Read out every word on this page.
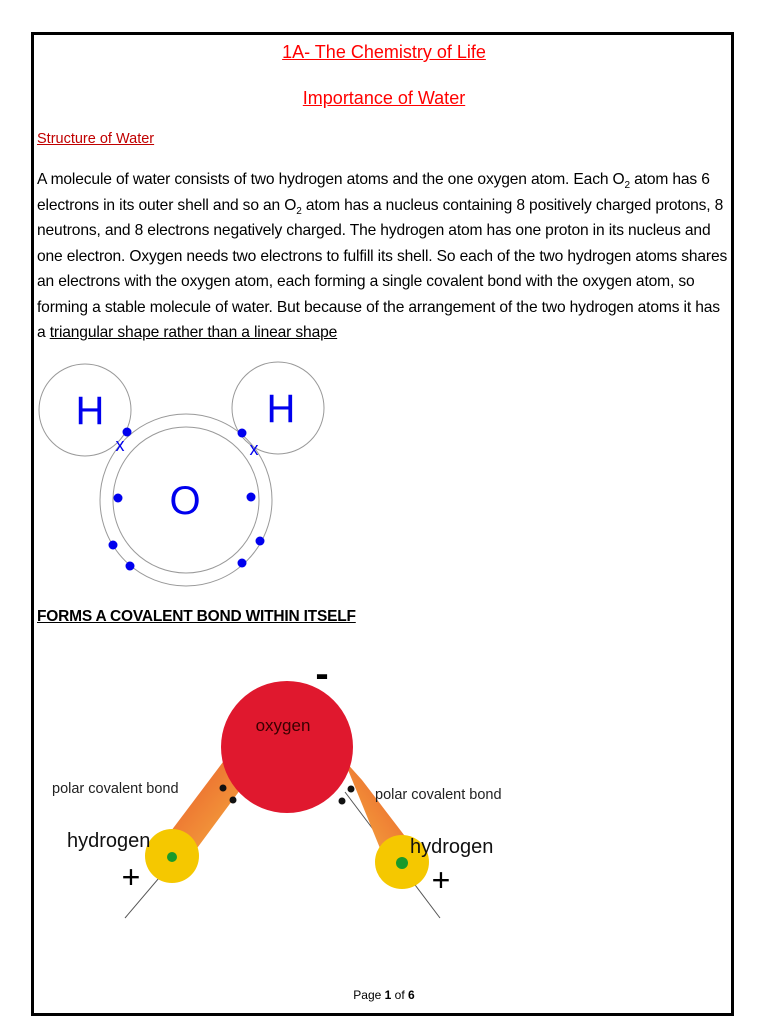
1A- The Chemistry of Life
Importance of Water
Structure of Water
A molecule of water consists of two hydrogen atoms and the one oxygen atom. Each $O_2$ atom has 6 electrons in its outer shell and so an $O_2$ atom has a nucleus containing 8 positively charged protons, 8 neutrons, and 8 electrons negatively charged. The hydrogen atom has one proton in its nucleus and one electron. Oxygen needs two electrons to fulfill its shell. So each of the two hydrogen atoms shares an electrons with the oxygen atom, each forming a single covalent bond with the oxygen atom, so forming a stable molecule of water. But because of the arrangement of the two hydrogen atoms it has a triangular shape rather than a linear shape
H	H
O
x	x
FORMS A COVALENT BOND WITHIN ITSELF
oxygen
polar covalent bond	polar covalent bond
hydrogen	hydrogen
-
+	+
Page 1 of 6
